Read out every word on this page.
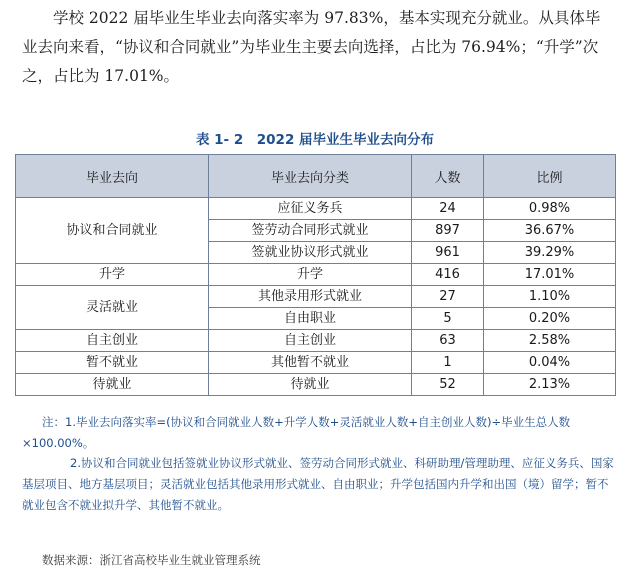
学校 2022 届毕业生毕业去向落实率为 97.83%，基本实现充分就业。从具体毕业去向来看，“协议和合同就业”为毕业生主要去向选择，占比为 76.94%；“升学”次之，占比为 17.01%。

表 1- 2　2022 届毕业生毕业去向分布
毕业去向	毕业去向分类	人数	比例
协议和合同就业	应征义务兵	24	0.98%
	签劳动合同形式就业	897	36.67%
	签就业协议形式就业	961	39.29%
升学	升学	416	17.01%
灵活就业	其他录用形式就业	27	1.10%
	自由职业	5	0.20%
自主创业	自主创业	63	2.58%
暂不就业	其他暂不就业	1	0.04%
待就业	待就业	52	2.13%

注：1.毕业去向落实率=(协议和合同就业人数+升学人数+灵活就业人数+自主创业人数)÷毕业生总人数×100.00%。

2.协议和合同就业包括签就业协议形式就业、签劳动合同形式就业、科研助理/管理助理、应征义务兵、国家基层项目、地方基层项目；灵活就业包括其他录用形式就业、自由职业；升学包括国内升学和出国（境）留学；暂不就业包含不就业拟升学、其他暂不就业。

数据来源：浙江省高校毕业生就业管理系统
